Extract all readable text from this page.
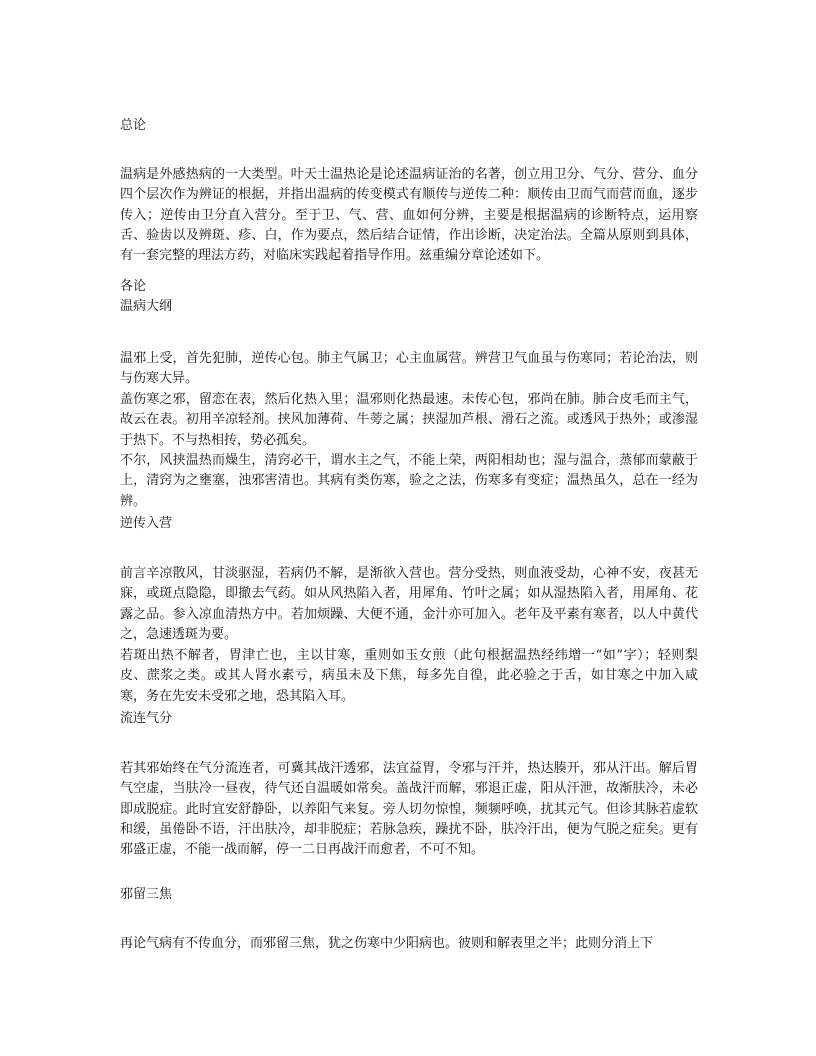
总论

温病是外感热病的一大类型。叶天士温热论是论述温病证治的名著，创立用卫分、气分、营分、血分四个层次作为辨证的根据，并指出温病的传变模式有顺传与逆传二种：顺传由卫而气而营而血，逐步传入；逆传由卫分直入营分。至于卫、气、营、血如何分辨，主要是根据温病的诊断特点，运用察舌、验齿以及辨斑、疹、白，作为要点，然后结合证情，作出诊断，决定治法。全篇从原则到具体，有一套完整的理法方药，对临床实践起着指导作用。兹重编分章论述如下。

各论
温病大纲

温邪上受，首先犯肺，逆传心包。肺主气属卫；心主血属营。辨营卫气血虽与伤寒同；若论治法，则与伤寒大异。

盖伤寒之邪，留恋在表，然后化热入里；温邪则化热最速。未传心包，邪尚在肺。肺合皮毛而主气，故云在表。初用辛凉轻剂。挟风加薄荷、牛蒡之属；挟湿加芦根、滑石之流。或透风于热外；或渗湿于热下。不与热相抟，势必孤矣。

不尔，风挟温热而燥生，清窍必干，谓水主之气，不能上荣，两阳相劫也；湿与温合，蒸郁而蒙蔽于上，清窍为之壅塞，浊邪害清也。其病有类伤寒，验之之法，伤寒多有变症；温热虽久，总在一经为辨。

逆传入营

前言辛凉散风，甘淡驱湿，若病仍不解，是渐欲入营也。营分受热，则血液受劫，心神不安，夜甚无寐，或斑点隐隐，即撤去气药。如从风热陷入者，用犀角、竹叶之属；如从湿热陷入者，用犀角、花露之品。参入凉血清热方中。若加烦躁、大便不通，金汁亦可加入。老年及平素有寒者，以人中黄代之，急速透斑为要。

若斑出热不解者，胃津亡也，主以甘寒，重则如玉女煎（此句根据温热经纬增一“如”字）；轻则梨皮、蔗浆之类。或其人肾水素亏，病虽未及下焦，每多先自徨，此必验之于舌，如甘寒之中加入咸寒，务在先安未受邪之地，恐其陷入耳。

流连气分

若其邪始终在气分流连者，可冀其战汗透邪，法宜益胃，令邪与汗并，热达腠开，邪从汗出。解后胃气空虚，当肤冷一昼夜，待气还自温暖如常矣。盖战汗而解，邪退正虚，阳从汗泄，故渐肤冷，未必即成脱症。此时宜安舒静卧，以养阳气来复。旁人切勿惊惶，频频呼唤，扰其元气。但诊其脉若虚软和缓，虽倦卧不语，汗出肤冷，却非脱症；若脉急疾，躁扰不卧，肤冷汗出，便为气脱之症矣。更有邪盛正虚，不能一战而解，停一二日再战汗而愈者，不可不知。

邪留三焦

再论气病有不传血分，而邪留三焦，犹之伤寒中少阳病也。彼则和解表里之半；此则分消上下
